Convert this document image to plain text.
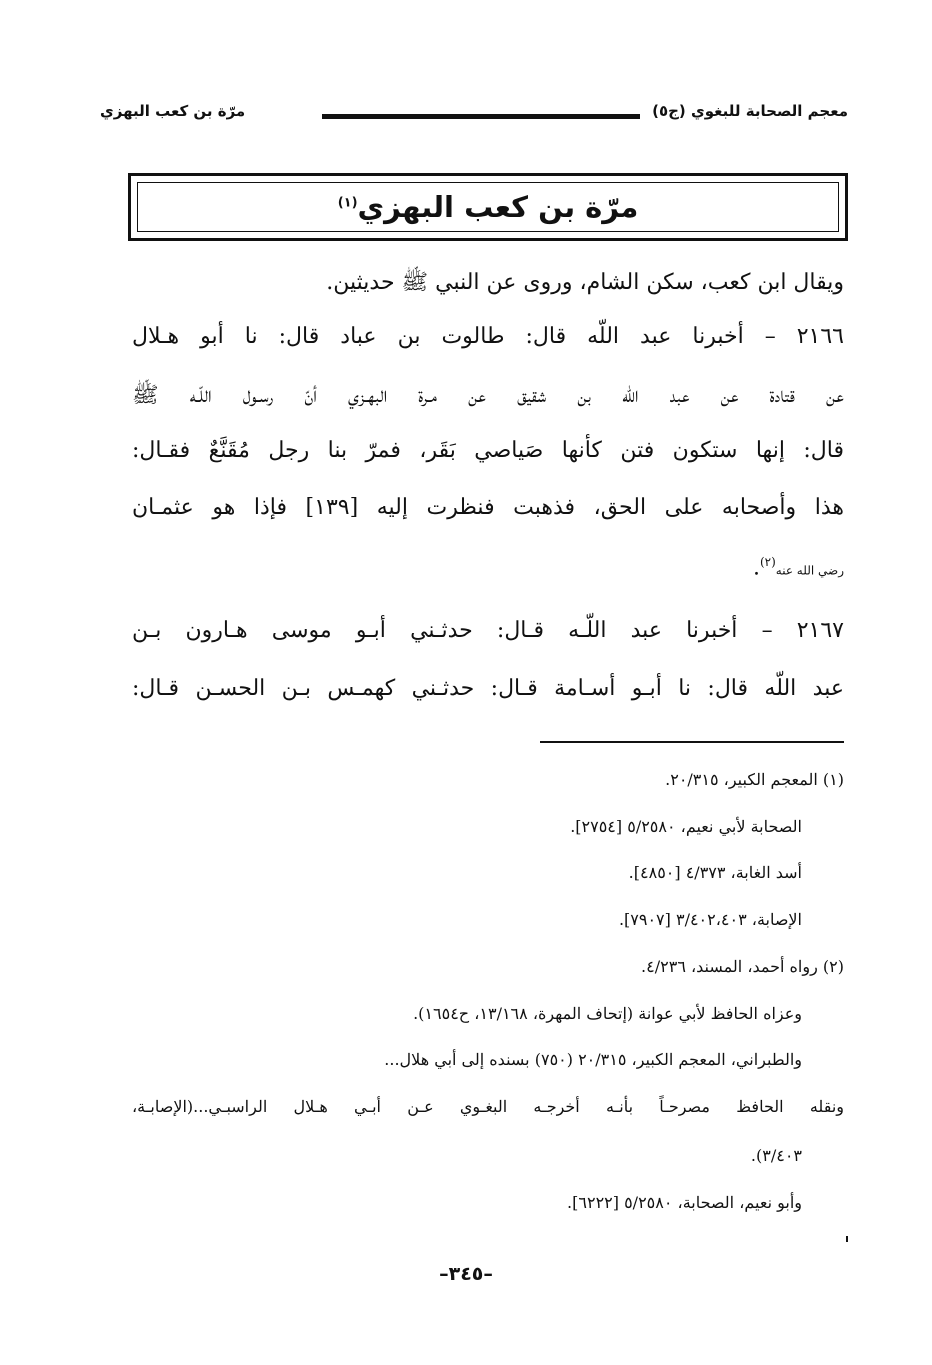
معجم الصحابة للبغوي (ج٥)
مرّة بن كعب البهزي
مرّة بن كعب البهزي$^{(١)}$
ويقال ابن كعب، سكن الشام، وروى عن النبي ﷺ حديثين.
٢١٦٦ – أخبرنا عبد اللّه قال: طالوت بن عباد قال: نا أبو هـلال
عن قتادة عن عبد اللّه بن شقيق عن مـرة البهـزي أنّ رسـول اللّـه ﷺ
قال: إنها ستكون فتن كأنها صَياصي بَقَر، فمرّ بنا رجل مُقَنَّعٌ فقـال:
هذا وأصحابه على الحق، فذهبت فنظرت إليه [١٣٩] فإذا هو عثمـان
رضي الله عنه$^{(٢)}$.
٢١٦٧ – أخبرنا عبد اللّـه قـال: حدثـني أبـو موسى هـارون بـن
عبد اللّه قال: نا أبـو أسـامة قـال: حدثـني كهمـس بـن الحسـن قـال:
(١) المعجم الكبير، ٢٠/٣١٥.
الصحابة لأبي نعيم، ٥/٢٥٨٠ [٢٧٥٤].
أسد الغابة، ٤/٣٧٣ [٤٨٥٠].
الإصابة، ٣/٤٠٢،٤٠٣ [٧٩٠٧].
(٢) رواه أحمد، المسند، ٤/٢٣٦.
وعزاه الحافظ لأبي عوانة (إتحاف المهرة، ١٣/١٦٨، ح١٦٥٤).
والطبراني، المعجم الكبير، ٢٠/٣١٥ (٧٥٠) بسنده إلى أبي هلال...
ونقله الحافظ مصرحـاً بأنـه أخرجـه البغـوي عـن أبـي هـلال الراسبـي...(الإصابـة،
٣/٤٠٣).
وأبو نعيم، الصحابة، ٥/٢٥٨٠ [٦٢٢٢].
–٣٤٥–
